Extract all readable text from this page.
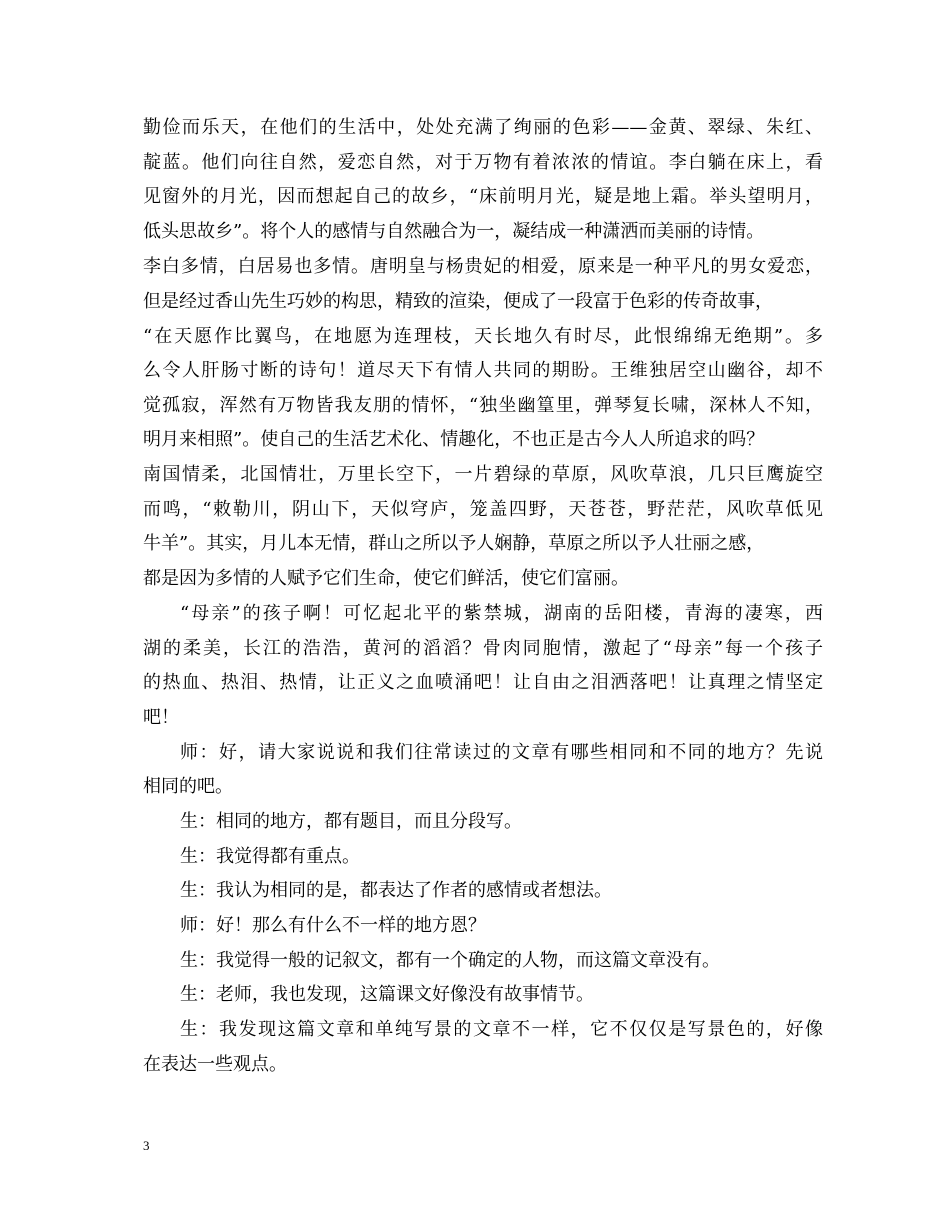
勤俭而乐天，在他们的生活中，处处充满了绚丽的色彩——金黄、翠绿、朱红、
靛蓝。他们向往自然，爱恋自然，对于万物有着浓浓的情谊。李白躺在床上，看
见窗外的月光，因而想起自己的故乡，“床前明月光，疑是地上霜。举头望明月，
低头思故乡”。将个人的感情与自然融合为一，凝结成一种潇洒而美丽的诗情。
李白多情，白居易也多情。唐明皇与杨贵妃的相爱，原来是一种平凡的男女爱恋，
但是经过香山先生巧妙的构思，精致的渲染，便成了一段富于色彩的传奇故事，
“在天愿作比翼鸟，在地愿为连理枝，天长地久有时尽，此恨绵绵无绝期”。多
么令人肝肠寸断的诗句！道尽天下有情人共同的期盼。王维独居空山幽谷，却不
觉孤寂，浑然有万物皆我友朋的情怀，“独坐幽篁里，弹琴复长啸，深林人不知，
明月来相照”。使自己的生活艺术化、情趣化，不也正是古今人人所追求的吗？
南国情柔，北国情壮，万里长空下，一片碧绿的草原，风吹草浪，几只巨鹰旋空
而鸣，“敕勒川，阴山下，天似穹庐，笼盖四野，天苍苍，野茫茫，风吹草低见
牛羊”。其实，月儿本无情，群山之所以予人娴静，草原之所以予人壮丽之感，
都是因为多情的人赋予它们生命，使它们鲜活，使它们富丽。
“母亲”的孩子啊！可忆起北平的紫禁城，湖南的岳阳楼，青海的凄寒，西
湖的柔美，长江的浩浩，黄河的滔滔？骨肉同胞情，激起了“母亲”每一个孩子
的热血、热泪、热情，让正义之血喷涌吧！让自由之泪洒落吧！让真理之情坚定
吧！
师：好，请大家说说和我们往常读过的文章有哪些相同和不同的地方？先说
相同的吧。
生：相同的地方，都有题目，而且分段写。
生：我觉得都有重点。
生：我认为相同的是，都表达了作者的感情或者想法。
师：好！那么有什么不一样的地方恩？
生：我觉得一般的记叙文，都有一个确定的人物，而这篇文章没有。
生：老师，我也发现，这篇课文好像没有故事情节。
生：我发现这篇文章和单纯写景的文章不一样，它不仅仅是写景色的，好像
在表达一些观点。
3
